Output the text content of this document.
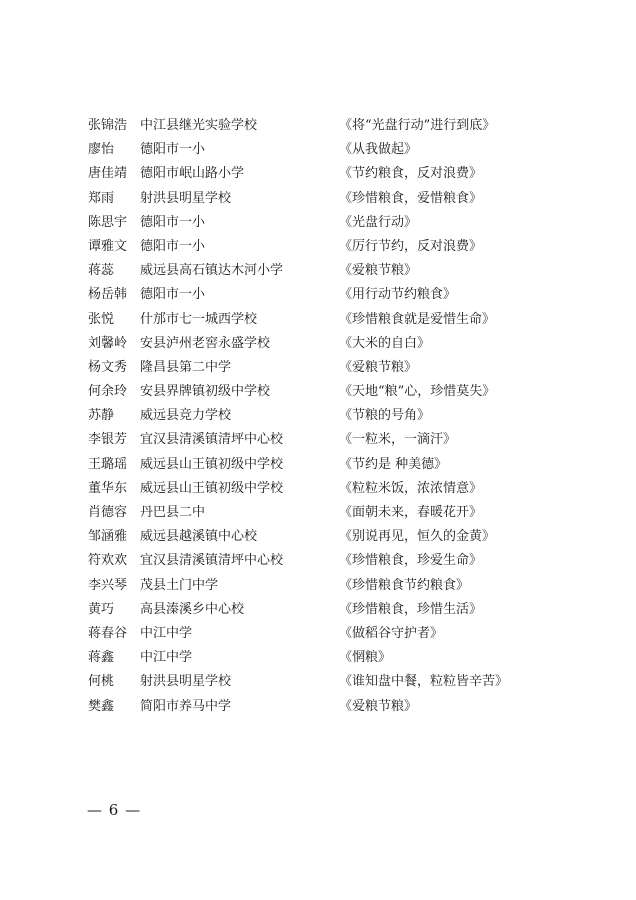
张锦浩 中江县继光实验学校	《将“光盘行动”进行到底》
廖怡	德阳市一小	《从我做起》
唐佳靖 德阳市岷山路小学	《节约粮食，反对浪费》
郑雨	射洪县明星学校	《珍惜粮食，爱惜粮食》
陈思宇 德阳市一小	《光盘行动》
谭雅文 德阳市一小	《厉行节约，反对浪费》
蒋蕊	威远县高石镇达木河小学	《爱粮节粮》
杨岳韩 德阳市一小	《用行动节约粮食》
张悦	什邡市七一城西学校	《珍惜粮食就是爱惜生命》
刘馨岭 安县泸州老窖永盛学校	《大米的自白》
杨文秀 隆昌县第二中学	《爱粮节粮》
何余玲 安县界牌镇初级中学校	《天地“粮”心，珍惜莫失》
苏静	威远县竞力学校	《节粮的号角》
李银芳 宜汉县清溪镇清坪中心校	《一粒米，一滴汗》
王璐瑶 威远县山王镇初级中学校	《节约是 种美德》
董华东 威远县山王镇初级中学校	《粒粒米饭，浓浓情意》
肖德容 丹巴县二中	《面朝未来，春暖花开》
邹涵雅 威远县越溪镇中心校	《别说再见，恒久的金黄》
符欢欢 宜汉县清溪镇清坪中心校	《珍惜粮食，珍爱生命》
李兴琴 茂县土门中学	《珍惜粮食节约粮食》
黄巧	高县溱溪乡中心校	《珍惜粮食，珍惜生活》
蒋春谷 中江中学	《做稻谷守护者》
蒋鑫	中江中学	《惘粮》
何桃	射洪县明星学校	《谁知盘中餐，粒粒皆辛苦》
樊鑫	简阳市养马中学	《爱粮节粮》
— 6 —
